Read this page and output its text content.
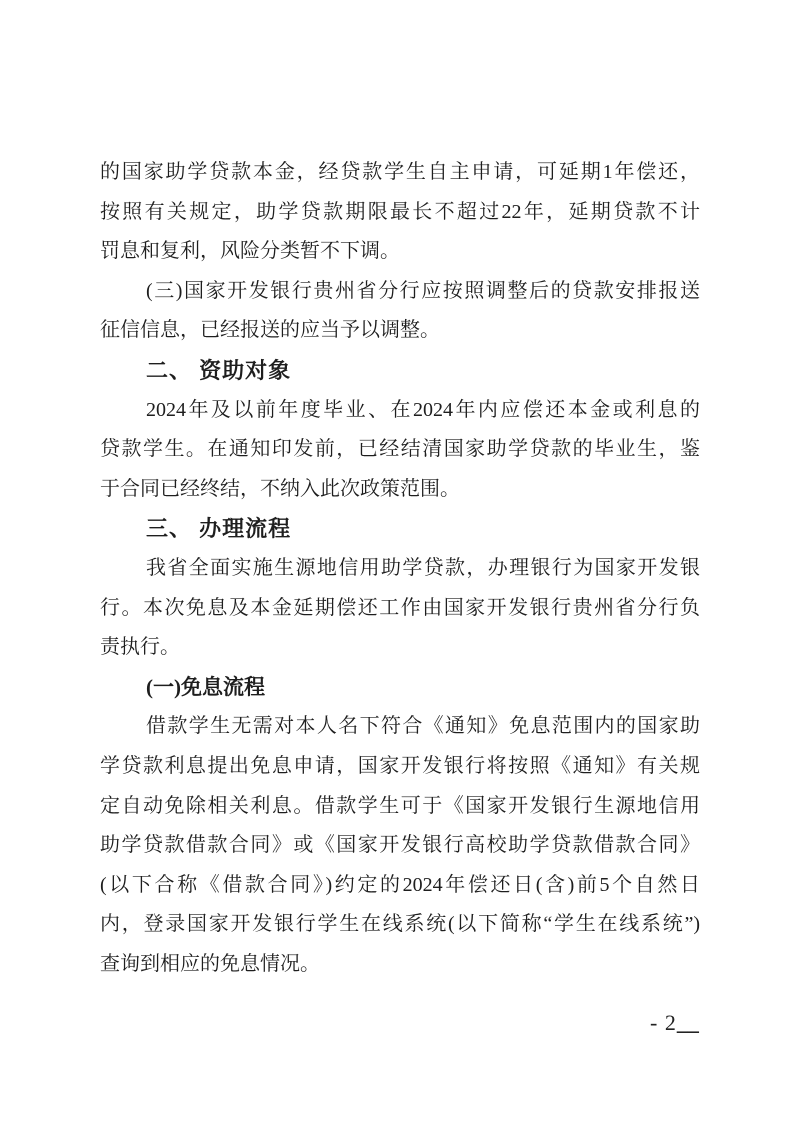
的国家助学贷款本金，经贷款学生自主申请，可延期1年偿还，
按照有关规定，助学贷款期限最长不超过22年，延期贷款不计
罚息和复利，风险分类暂不下调。
(三)国家开发银行贵州省分行应按照调整后的贷款安排报送
征信信息，已经报送的应当予以调整。
二、 资助对象
2024年及以前年度毕业、在2024年内应偿还本金或利息的
贷款学生。在通知印发前，已经结清国家助学贷款的毕业生，鉴
于合同已经终结，不纳入此次政策范围。
三、 办理流程
我省全面实施生源地信用助学贷款，办理银行为国家开发银
行。本次免息及本金延期偿还工作由国家开发银行贵州省分行负
责执行。
(一)免息流程
借款学生无需对本人名下符合《通知》免息范围内的国家助
学贷款利息提出免息申请，国家开发银行将按照《通知》有关规
定自动免除相关利息。借款学生可于《国家开发银行生源地信用
助学贷款借款合同》或《国家开发银行高校助学贷款借款合同》
(以下合称《借款合同》)约定的2024年偿还日(含)前5个自然日
内，登录国家开发银行学生在线系统(以下简称“学生在线系统”)
查询到相应的免息情况。
- 2__
